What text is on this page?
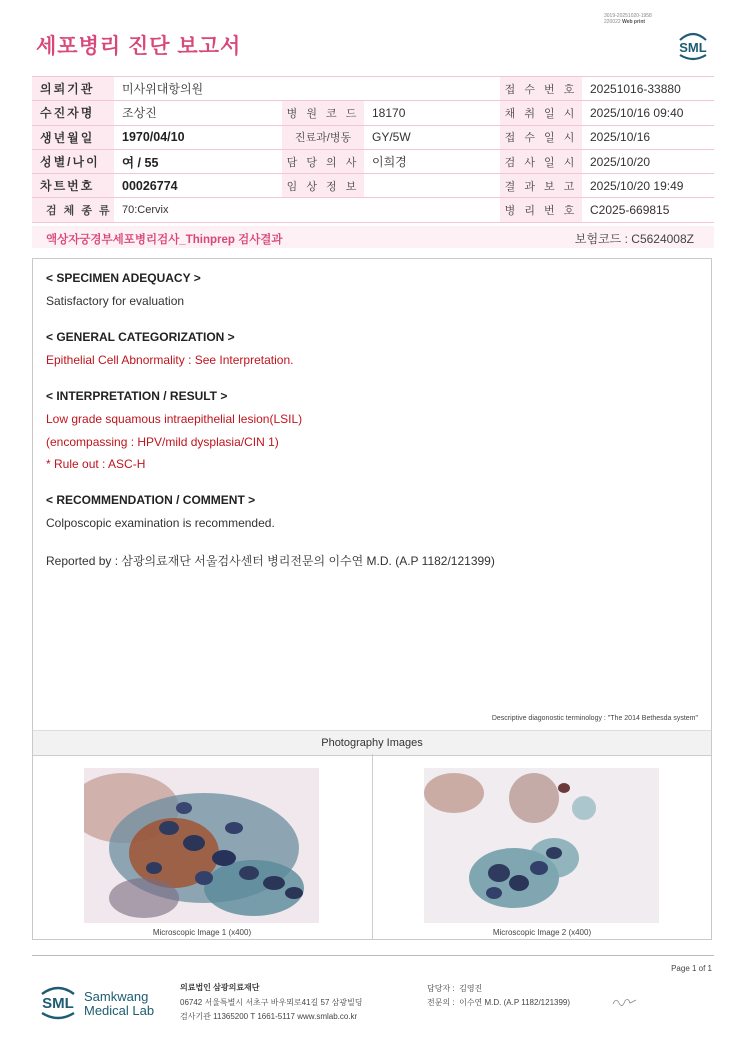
세포병리 진단 보고서
3019-20251020-1958
220022 Web print
SML
의뢰기관	미사위대항의원			접 수 번 호	20251016-33880
수진자명	조상진	병 원 코 드	18170	채 취 일 시	2025/10/16 09:40
생년월일	1970/04/10	진료과/병동	GY/5W	접 수 일 시	2025/10/16
성별/나이	여 / 55	담 당 의 사	이희경	검 사 일 시	2025/10/20
차트번호	00026774	임 상 정 보		결 과 보 고	2025/10/20 19:49
검 체 종 류	70:Cervix			병 리 번 호	C2025-669815
액상자궁경부세포병리검사_Thinprep 검사결과	보험코드 : C5624008Z
< SPECIMEN ADEQUACY >
Satisfactory for evaluation
< GENERAL CATEGORIZATION >
Epithelial Cell Abnormality : See Interpretation.
< INTERPRETATION / RESULT >
Low grade squamous intraepithelial lesion(LSIL)
(encompassing : HPV/mild dysplasia/CIN 1)
* Rule out : ASC-H
< RECOMMENDATION / COMMENT >
Colposcopic examination is recommended.
Reported by : 삼광의료재단 서울검사센터 병리전문의 이수연 M.D. (A.P 1182/121399)
Descriptive diagonostic terminology : "The 2014 Bethesda system"
Photography Images
Microscopic Image 1 (x400)	Microscopic Image 2 (x400)
Page 1 of 1
SML Samkwang
Medical Lab
의료법인 삼광의료재단
06742 서울특별시 서초구 바우뫼로41길 57 삼광빌딩
검사기관 11365200 T 1661-5117 www.smlab.co.kr
담당자 : 김영진
전문의 : 이수연 M.D. (A.P 1182/121399)
